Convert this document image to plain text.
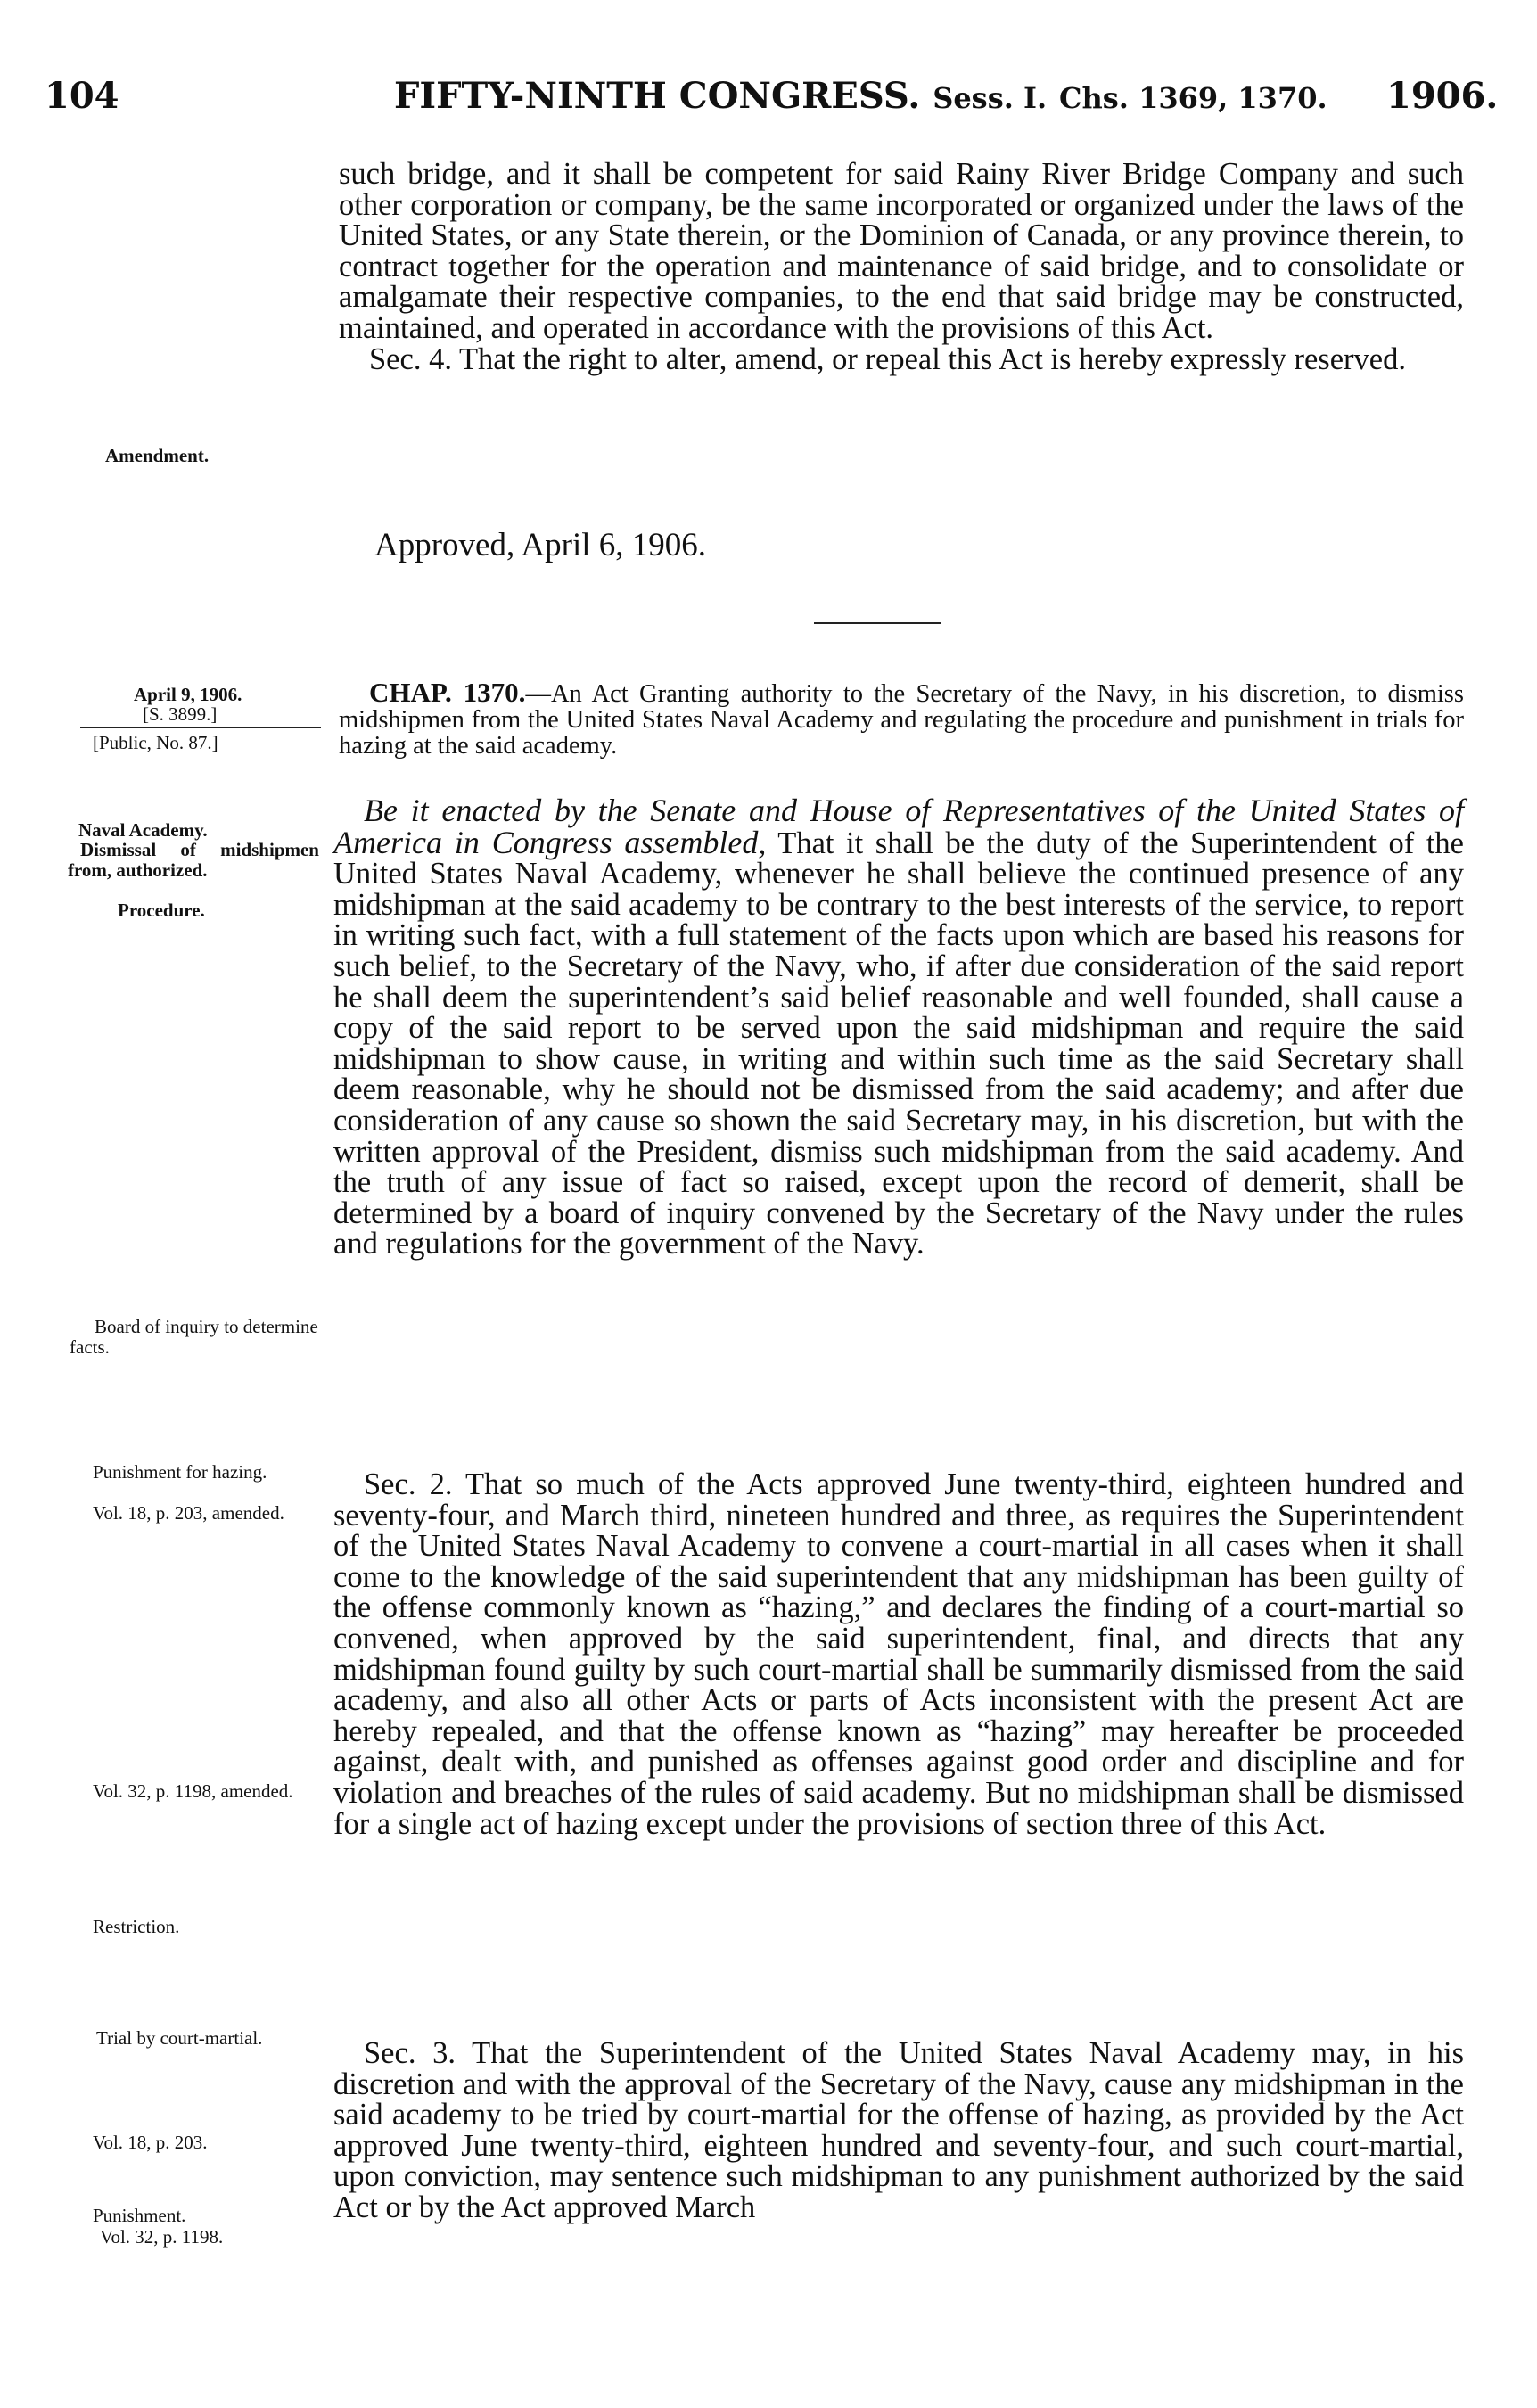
104	FIFTY-NINTH CONGRESS. Sess. I. Chs. 1369, 1370. 1906.

such bridge, and it shall be competent for said Rainy River Bridge Company and such other corporation or company, be the same incorporated or organized under the laws of the United States, or any State therein, or the Dominion of Canada, or any province therein, to contract together for the operation and maintenance of said bridge, and to consolidate or amalgamate their respective companies, to the end that said bridge may be constructed, maintained, and operated in accordance with the provisions of this Act.

Sec. 4. That the right to alter, amend, or repeal this Act is hereby expressly reserved.

Approved, April 6, 1906.

CHAP. 1370.—An Act Granting authority to the Secretary of the Navy, in his discretion, to dismiss midshipmen from the United States Naval Academy and regulating the procedure and punishment in trials for hazing at the said academy.

Be it enacted by the Senate and House of Representatives of the United States of America in Congress assembled, That it shall be the duty of the Superintendent of the United States Naval Academy, whenever he shall believe the continued presence of any midshipman at the said academy to be contrary to the best interests of the service, to report in writing such fact, with a full statement of the facts upon which are based his reasons for such belief, to the Secretary of the Navy, who, if after due consideration of the said report he shall deem the superintendent’s said belief reasonable and well founded, shall cause a copy of the said report to be served upon the said midshipman and require the said midshipman to show cause, in writing and within such time as the said Secretary shall deem reasonable, why he should not be dismissed from the said academy; and after due consideration of any cause so shown the said Secretary may, in his discretion, but with the written approval of the President, dismiss such midshipman from the said academy. And the truth of any issue of fact so raised, except upon the record of demerit, shall be determined by a board of inquiry convened by the Secretary of the Navy under the rules and regulations for the government of the Navy.

Sec. 2. That so much of the Acts approved June twenty-third, eighteen hundred and seventy-four, and March third, nineteen hundred and three, as requires the Superintendent of the United States Naval Academy to convene a court-martial in all cases when it shall come to the knowledge of the said superintendent that any midshipman has been guilty of the offense commonly known as “hazing,” and declares the finding of a court-martial so convened, when approved by the said superintendent, final, and directs that any midshipman found guilty by such court-martial shall be summarily dismissed from the said academy, and also all other Acts or parts of Acts inconsistent with the present Act are hereby repealed, and that the offense known as “hazing” may hereafter be proceeded against, dealt with, and punished as offenses against good order and discipline and for violation and breaches of the rules of said academy. But no midshipman shall be dismissed for a single act of hazing except under the provisions of section three of this Act.

Sec. 3. That the Superintendent of the United States Naval Academy may, in his discretion and with the approval of the Secretary of the Navy, cause any midshipman in the said academy to be tried by court-martial for the offense of hazing, as provided by the Act approved June twenty-third, eighteen hundred and seventy-four, and such court-martial, upon conviction, may sentence such midshipman to any punishment authorized by the said Act or by the Act approved March

Amendment.
April 9, 1906.
[S. 3899.]
[Public, No. 87.]
Naval Academy.
Dismissal of midshipmen from, authorized.
Procedure.
Board of inquiry to determine facts.
Punishment for hazing.
Vol. 18, p. 203, amended.
Vol. 32, p. 1198, amended.
Restriction.
Trial by court-martial.
Vol. 18, p. 203.
Punishment.
Vol. 32, p. 1198.
